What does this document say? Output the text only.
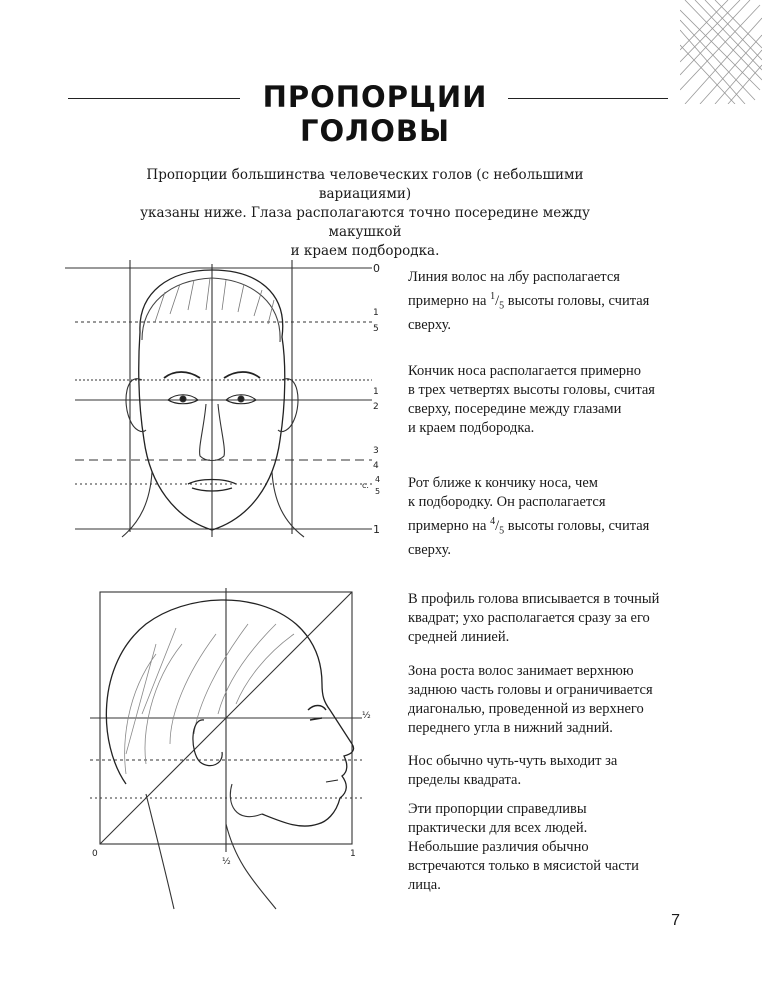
ПРОПОРЦИИ ГОЛОВЫ
Пропорции большинства человеческих голов (с небольшими вариациями)
указаны ниже. Глаза располагаются точно посередине между макушкой
и краем подбородка.
0
1
5
1
2
3
4
c.
4
5
1
Линия волос на лбу располагается
примерно на $^1/_5$ высоты головы, считая
сверху.
Кончик носа располагается примерно
в трех четвертях высоты головы, считая
сверху, посередине между глазами
и краем подбородка.
Рот ближе к кончику носа, чем
к подбородку. Он располагается
примерно на $^4/_5$ высоты головы, считая
сверху.
0
½
1
½
В профиль голова вписывается в точный
квадрат; ухо располагается сразу за его
средней линией.
Зона роста волос занимает верхнюю
заднюю часть головы и ограничивается
диагональю, проведенной из верхнего
переднего угла в нижний задний.
Нос обычно чуть-чуть выходит за
пределы квадрата.
Эти пропорции справедливы
практически для всех людей.
Небольшие различия обычно
встречаются только в мясистой части
лица.
7
